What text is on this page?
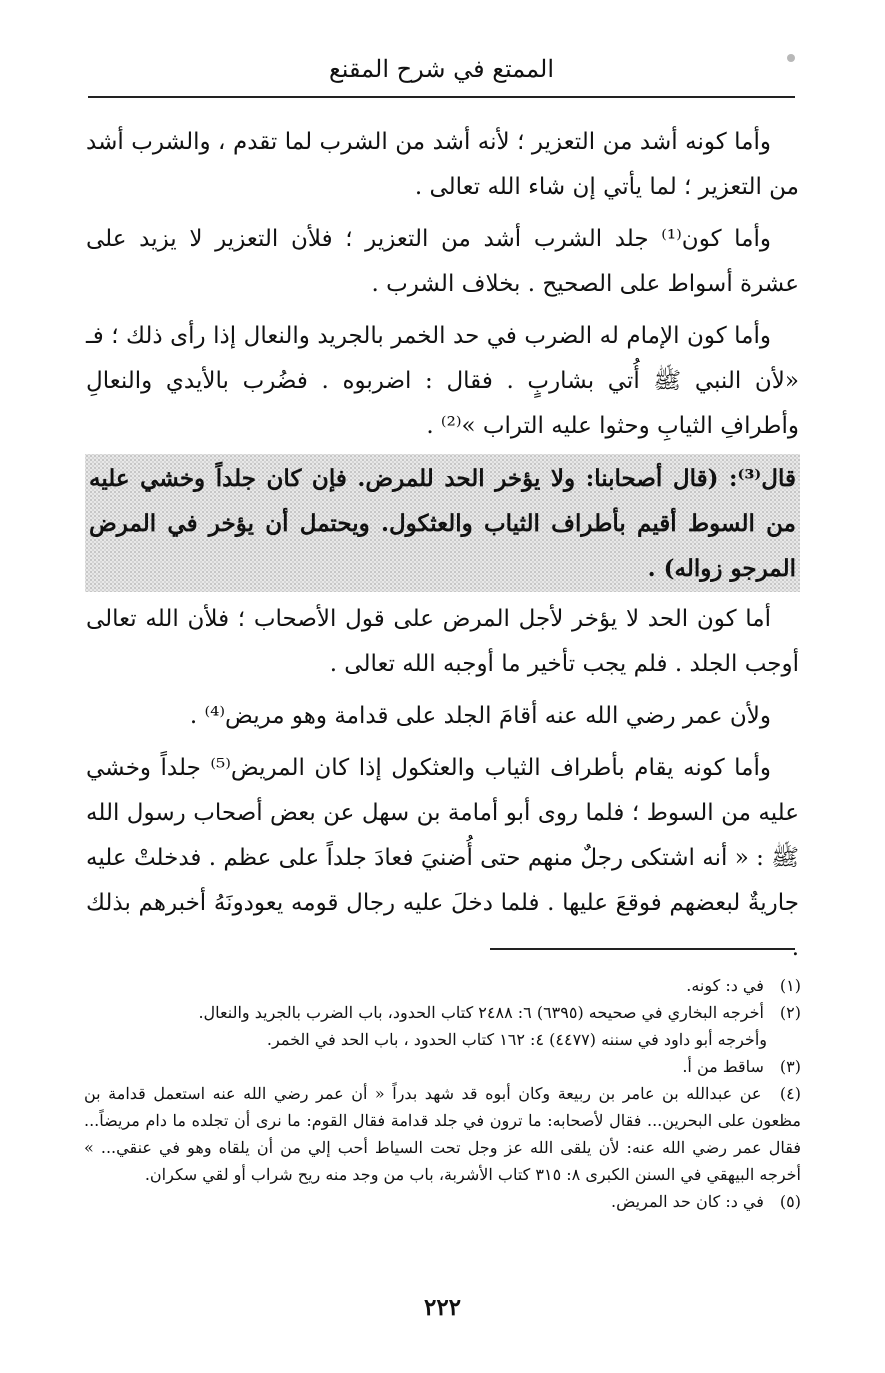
الممتع في شرح المقنع

وأما كونه أشد من التعزير ؛ لأنه أشد من الشرب لما تقدم ، والشرب أشد من التعزير ؛ لما يأتي إن شاء الله تعالى .

وأما كون⁽¹⁾ جلد الشرب أشد من التعزير ؛ فلأن التعزير لا يزيد على عشرة أسواط على الصحيح . بخلاف الشرب .

وأما كون الإمام له الضرب في حد الخمر بالجريد والنعال إذا رأى ذلك ؛ فـ «لأن النبي ﷺ أُتي بشاربٍ . فقال : اضربوه . فضُرب بالأيدي والنعالِ وأطرافِ الثيابِ وحثوا عليه التراب »⁽²⁾ .

قال⁽³⁾: (قال أصحابنا: ولا يؤخر الحد للمرض. فإن كان جلداً وخشي عليه من السوط أقيم بأطراف الثياب والعثكول. ويحتمل أن يؤخر في المرض المرجو زواله) .

أما كون الحد لا يؤخر لأجل المرض على قول الأصحاب ؛ فلأن الله تعالى أوجب الجلد . فلم يجب تأخير ما أوجبه الله تعالى .

ولأن عمر رضي الله عنه أقامَ الجلد على قدامة وهو مريض⁽⁴⁾ .

وأما كونه يقام بأطراف الثياب والعثكول إذا كان المريض⁽⁵⁾ جلداً وخشي عليه من السوط ؛ فلما روى أبو أمامة بن سهل عن بعض أصحاب رسول الله ﷺ : « أنه اشتكى رجلٌ منهم حتى أُضنيَ فعادَ جلداً على عظم . فدخلتْ عليه جاريةٌ لبعضهم فوقعَ عليها . فلما دخلَ عليه رجال قومه يعودونَهُ أخبرهم بذلك .

(١) في د: كونه.

(٢) أخرجه البخاري في صحيحه (٦٣٩٥) ٦: ٢٤٨٨ كتاب الحدود، باب الضرب بالجريد والنعال.

وأخرجه أبو داود في سننه (٤٤٧٧) ٤: ١٦٢ كتاب الحدود ، باب الحد في الخمر.

(٣) ساقط من أ.

(٤) عن عبدالله بن عامر بن ربيعة وكان أبوه قد شهد بدراً « أن عمر رضي الله عنه استعمل قدامة بن مظعون على البحرين... فقال لأصحابه: ما ترون في جلد قدامة فقال القوم: ما نرى أن تجلده ما دام مريضاً... فقال عمر رضي الله عنه: لأن يلقى الله عز وجل تحت السياط أحب إلي من أن يلقاه وهو في عنقي... » أخرجه البيهقي في السنن الكبرى ٨: ٣١٥ كتاب الأشربة، باب من وجد منه ريح شراب أو لقي سكران.

(٥) في د: كان حد المريض.

٢٢٢
